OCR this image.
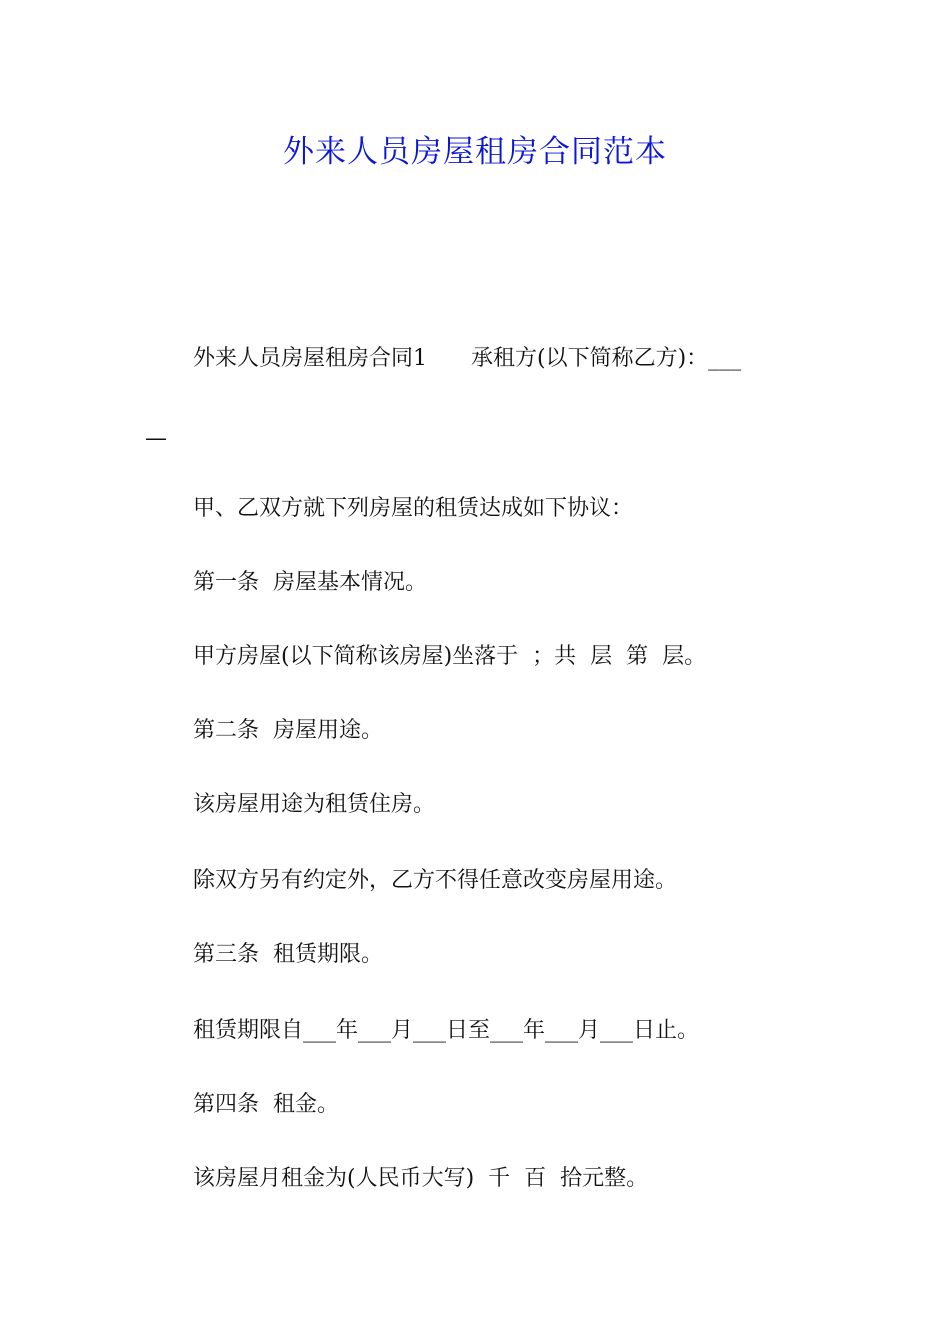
外来人员房屋租房合同范本
外来人员房屋租房合同1　　承租方(以下简称乙方)：___
—
甲、乙双方就下列房屋的租赁达成如下协议：
第一条  房屋基本情况。
甲方房屋(以下简称该房屋)坐落于  ；共  层  第  层。
第二条  房屋用途。
该房屋用途为租赁住房。
除双方另有约定外，乙方不得任意改变房屋用途。
第三条  租赁期限。
租赁期限自___年___月___日至___年___月___日止。
第四条  租金。
该房屋月租金为(人民币大写)  千  百  拾元整。
